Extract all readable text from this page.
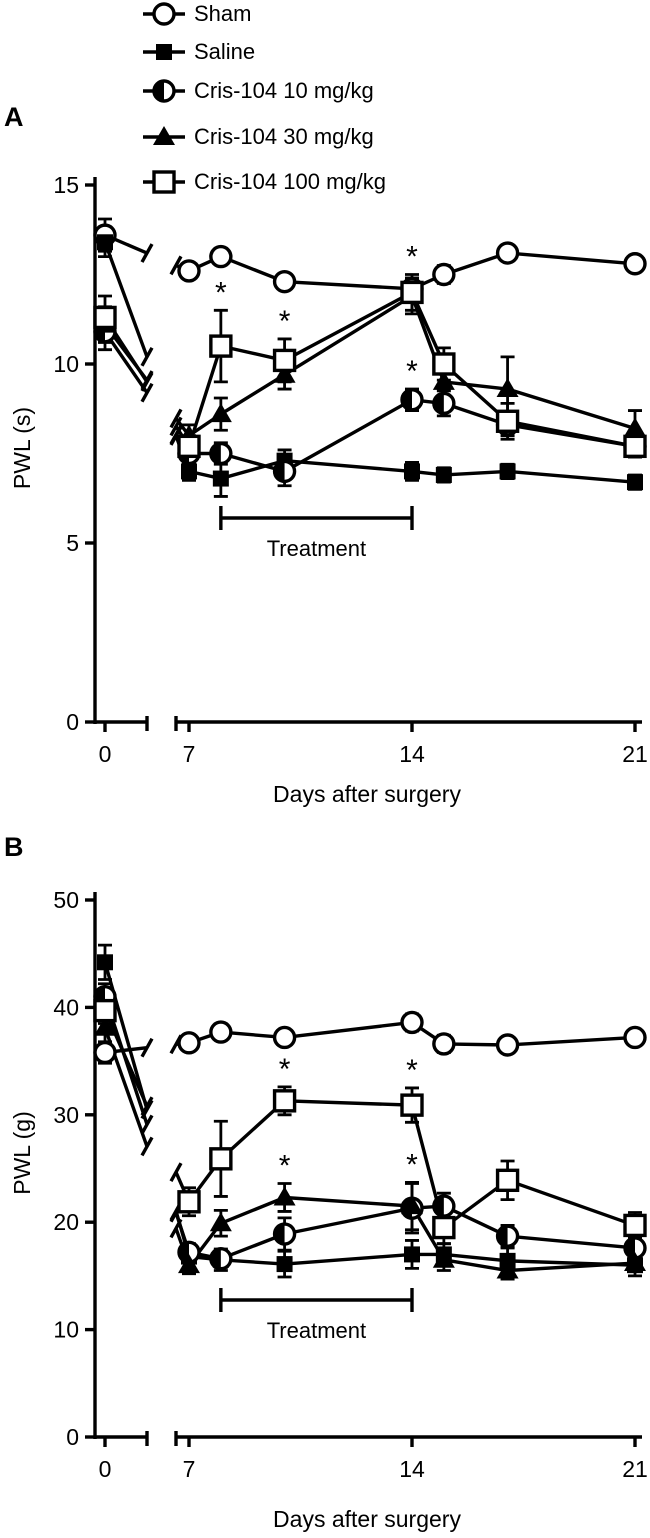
0
5
10
15
0	7	14	21
*
*
*
*
Treatment
0
10
20
30
40
50
0	7	14	21
*	*
*	*
Treatment
A
B
Sham
Saline
Cris-104 10 mg/kg
Cris-104 30 mg/kg
Cris-104 100 mg/kg
PWL (s)
Days after surgery
PWL (g)
Days after surgery
